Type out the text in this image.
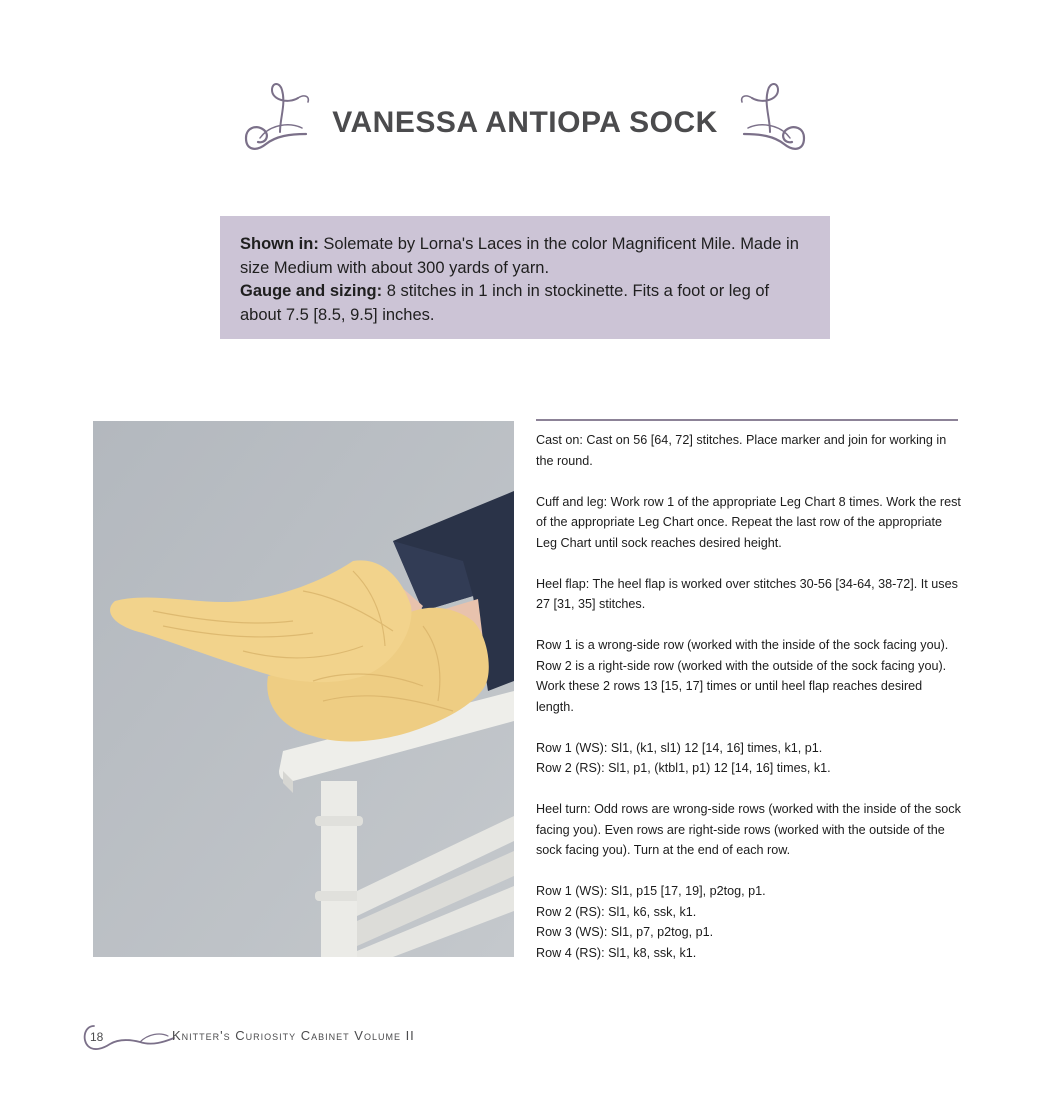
VANESSA ANTIOPA SOCK

Shown in: Solemate by Lorna's Laces in the color Magnificent Mile. Made in size Medium with about 300 yards of yarn.

Gauge and sizing: 8 stitches in 1 inch in stockinette. Fits a foot or leg of about 7.5 [8.5, 9.5] inches.

Cast on: Cast on 56 [64, 72] stitches. Place marker and join for working in the round.

Cuff and leg: Work row 1 of the appropriate Leg Chart 8 times. Work the rest of the appropriate Leg Chart once. Repeat the last row of the appropriate Leg Chart until sock reaches desired height.

Heel flap: The heel flap is worked over stitches 30-56 [34-64, 38-72]. It uses 27 [31, 35] stitches.

Row 1 is a wrong-side row (worked with the inside of the sock facing you). Row 2 is a right-side row (worked with the outside of the sock facing you). Work these 2 rows 13 [15, 17] times or until heel flap reaches desired length.

Row 1 (WS): Sl1, (k1, sl1) 12 [14, 16] times, k1, p1.
Row 2 (RS): Sl1, p1, (ktbl1, p1) 12 [14, 16] times, k1.

Heel turn: Odd rows are wrong-side rows (worked with the inside of the sock facing you). Even rows are right-side rows (worked with the outside of the sock facing you). Turn at the end of each row.

Row 1 (WS): Sl1, p15 [17, 19], p2tog, p1.
Row 2 (RS): Sl1, k6, ssk, k1.
Row 3 (WS): Sl1, p7, p2tog, p1.
Row 4 (RS): Sl1, k8, ssk, k1.

18	Knitter's Curiosity Cabinet Volume II
